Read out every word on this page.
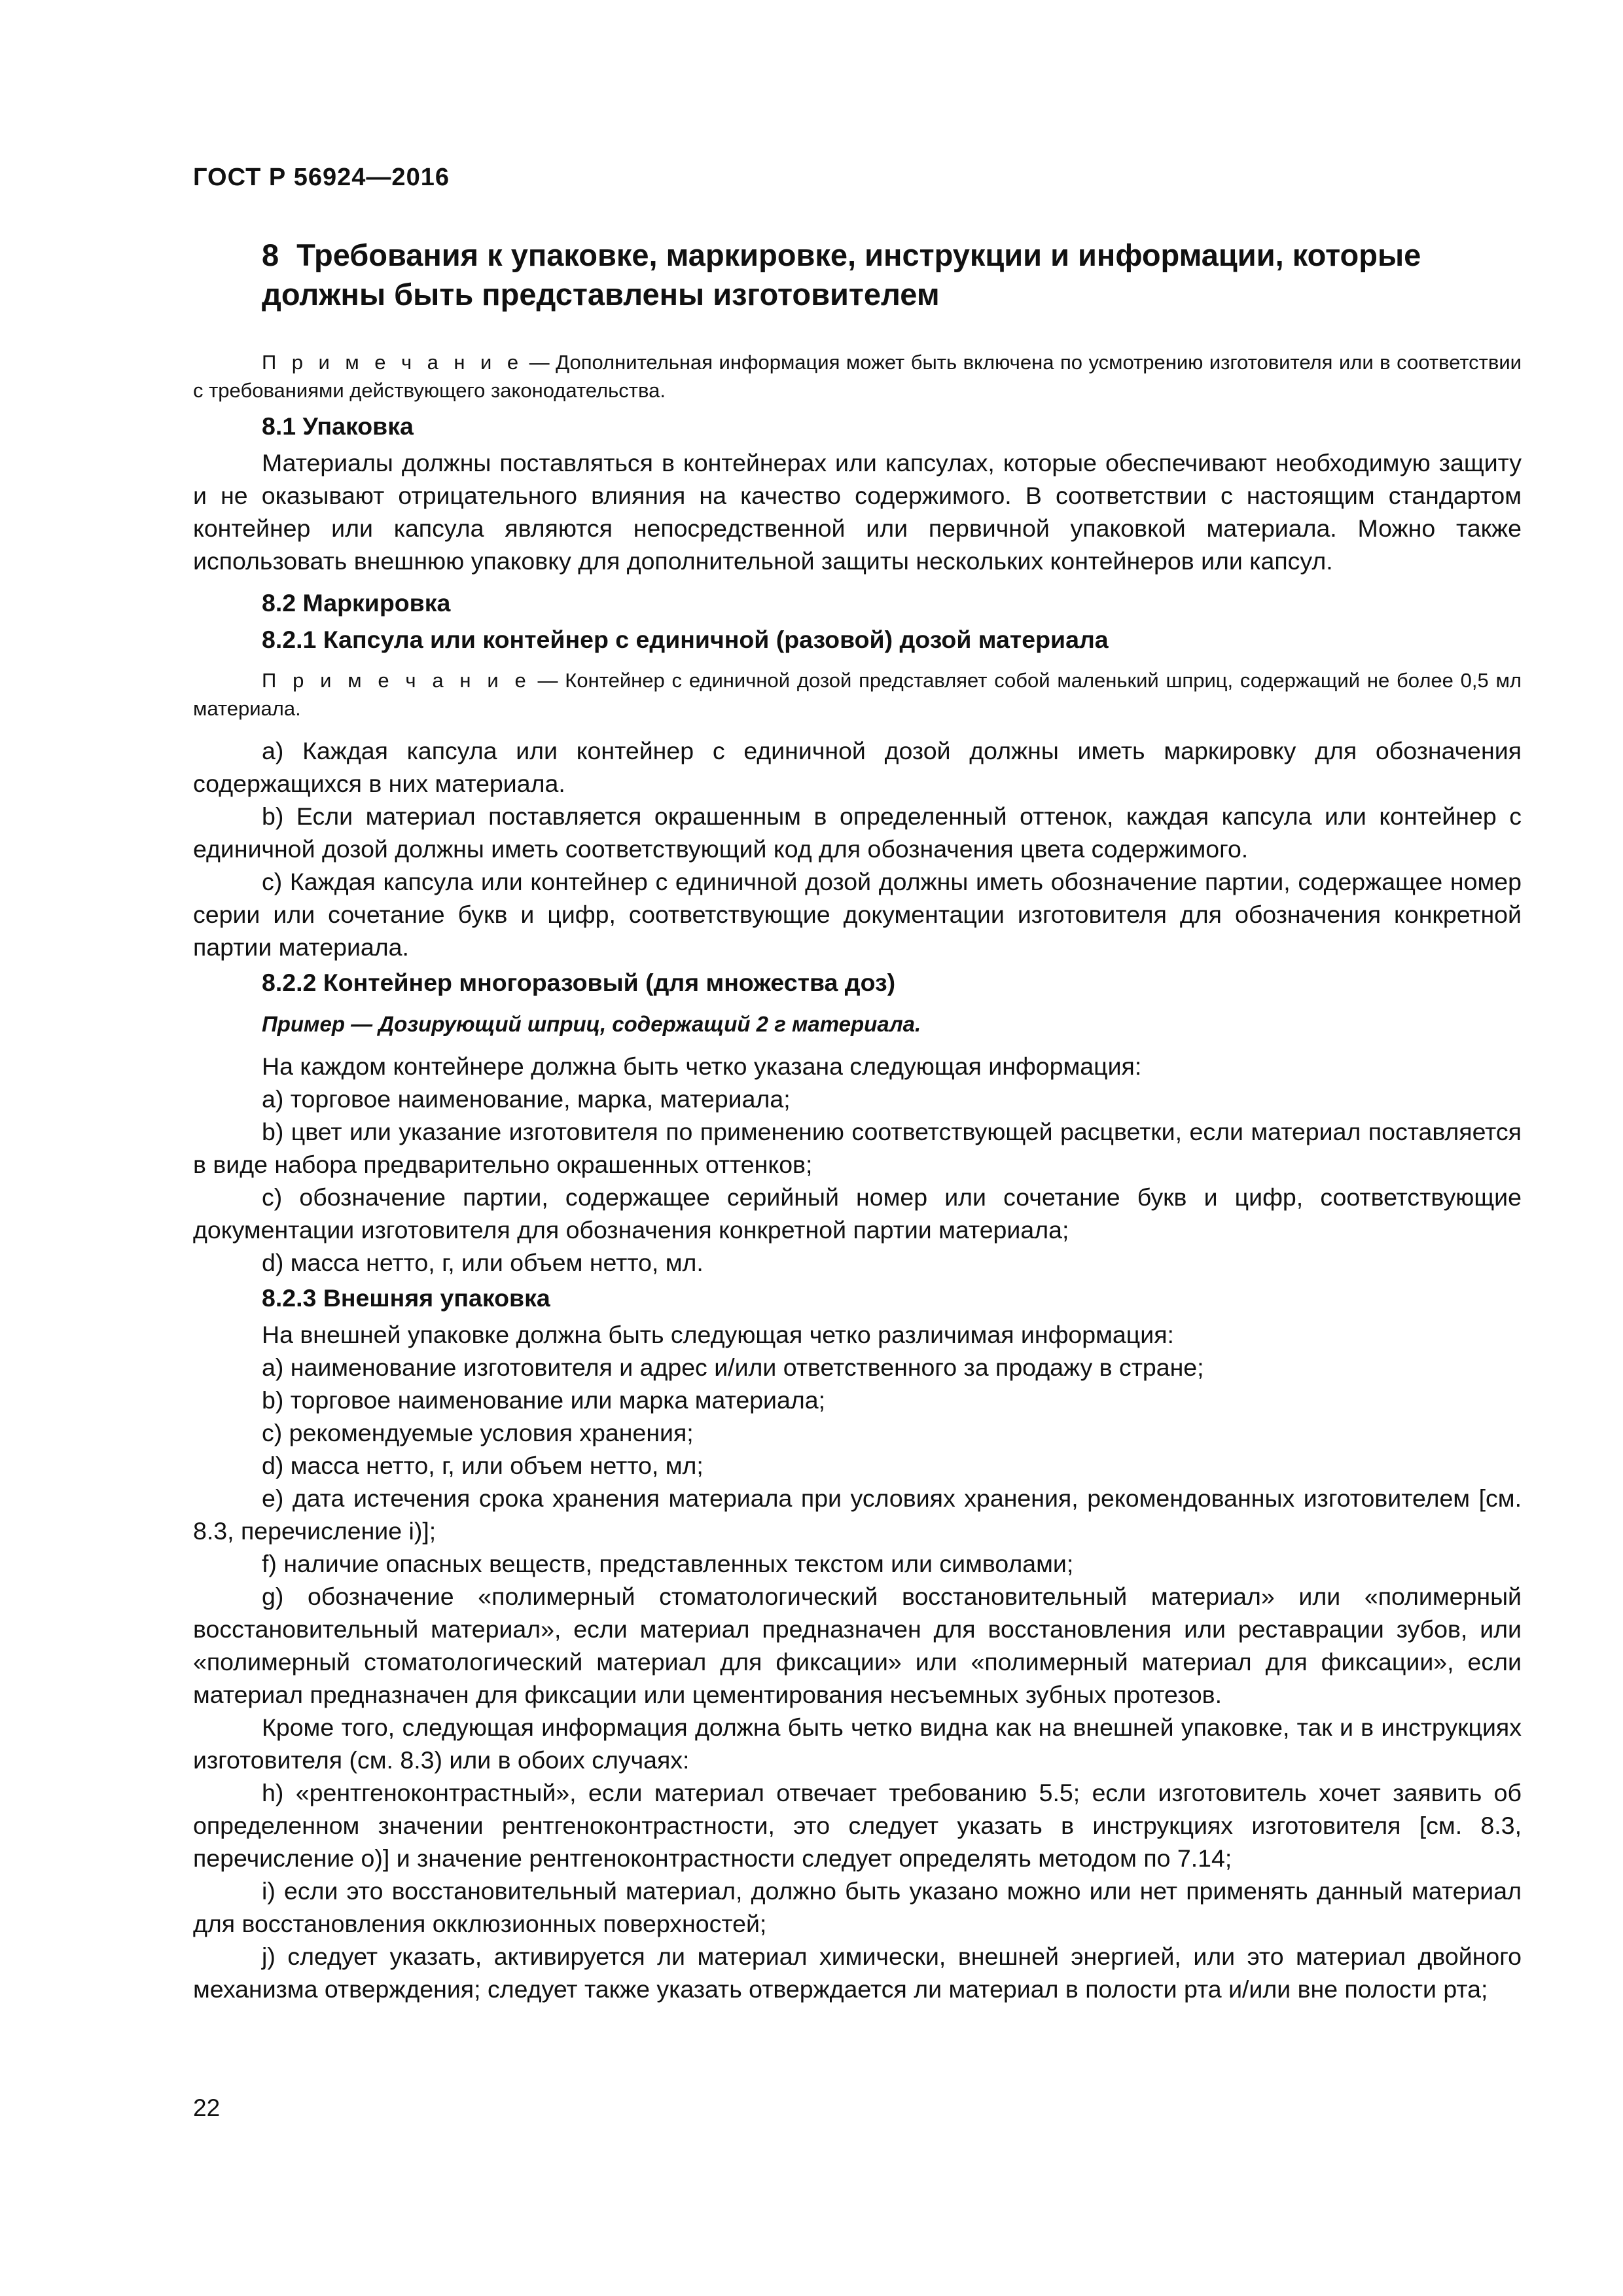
ГОСТ Р 56924—2016
8 Требования к упаковке, маркировке, инструкции и информации, которые должны быть представлены изготовителем

П р и м е ч а н и е — Дополнительная информация может быть включена по усмотрению изготовителя или в соответствии с требованиями действующего законодательства.

8.1 Упаковка

Материалы должны поставляться в контейнерах или капсулах, которые обеспечивают необходимую защиту и не оказывают отрицательного влияния на качество содержимого. В соответствии с настоящим стандартом контейнер или капсула являются непосредственной или первичной упаковкой материала. Можно также использовать внешнюю упаковку для дополнительной защиты нескольких контейнеров или капсул.

8.2 Маркировка
8.2.1 Капсула или контейнер с единичной (разовой) дозой материала

П р и м е ч а н и е — Контейнер с единичной дозой представляет собой маленький шприц, содержащий не более 0,5 мл материала.

а) Каждая капсула или контейнер с единичной дозой должны иметь маркировку для обозначения содержащихся в них материала.

b) Если материал поставляется окрашенным в определенный оттенок, каждая капсула или контейнер с единичной дозой должны иметь соответствующий код для обозначения цвета содержимого.

с) Каждая капсула или контейнер с единичной дозой должны иметь обозначение партии, содержащее номер серии или сочетание букв и цифр, соответствующие документации изготовителя для обозначения конкретной партии материала.

8.2.2 Контейнер многоразовый (для множества доз)
Пример — Дозирующий шприц, содержащий 2 г материала.

На каждом контейнере должна быть четко указана следующая информация:

а) торговое наименование, марка, материала;

b) цвет или указание изготовителя по применению соответствующей расцветки, если материал поставляется в виде набора предварительно окрашенных оттенков;

с) обозначение партии, содержащее серийный номер или сочетание букв и цифр, соответствующие документации изготовителя для обозначения конкретной партии материала;

d) масса нетто, г, или объем нетто, мл.

8.2.3 Внешняя упаковка

На внешней упаковке должна быть следующая четко различимая информация:

а) наименование изготовителя и адрес и/или ответственного за продажу в стране;

b) торговое наименование или марка материала;

с) рекомендуемые условия хранения;

d) масса нетто, г, или объем нетто, мл;

е) дата истечения срока хранения материала при условиях хранения, рекомендованных изготовителем [см. 8.3, перечисление i)];

f) наличие опасных веществ, представленных текстом или символами;

g) обозначение «полимерный стоматологический восстановительный материал» или «полимерный восстановительный материал», если материал предназначен для восстановления или реставрации зубов, или «полимерный стоматологический материал для фиксации» или «полимерный материал для фиксации», если материал предназначен для фиксации или цементирования несъемных зубных протезов.

Кроме того, следующая информация должна быть четко видна как на внешней упаковке, так и в инструкциях изготовителя (см. 8.3) или в обоих случаях:

h) «рентгеноконтрастный», если материал отвечает требованию 5.5; если изготовитель хочет заявить об определенном значении рентгеноконтрастности, это следует указать в инструкциях изготовителя [см. 8.3, перечисление о)] и значение рентгеноконтрастности следует определять методом по 7.14;

i) если это восстановительный материал, должно быть указано можно или нет применять данный материал для восстановления окклюзионных поверхностей;

j) следует указать, активируется ли материал химически, внешней энергией, или это материал двойного механизма отверждения; следует также указать отверждается ли материал в полости рта и/или вне полости рта;

22
